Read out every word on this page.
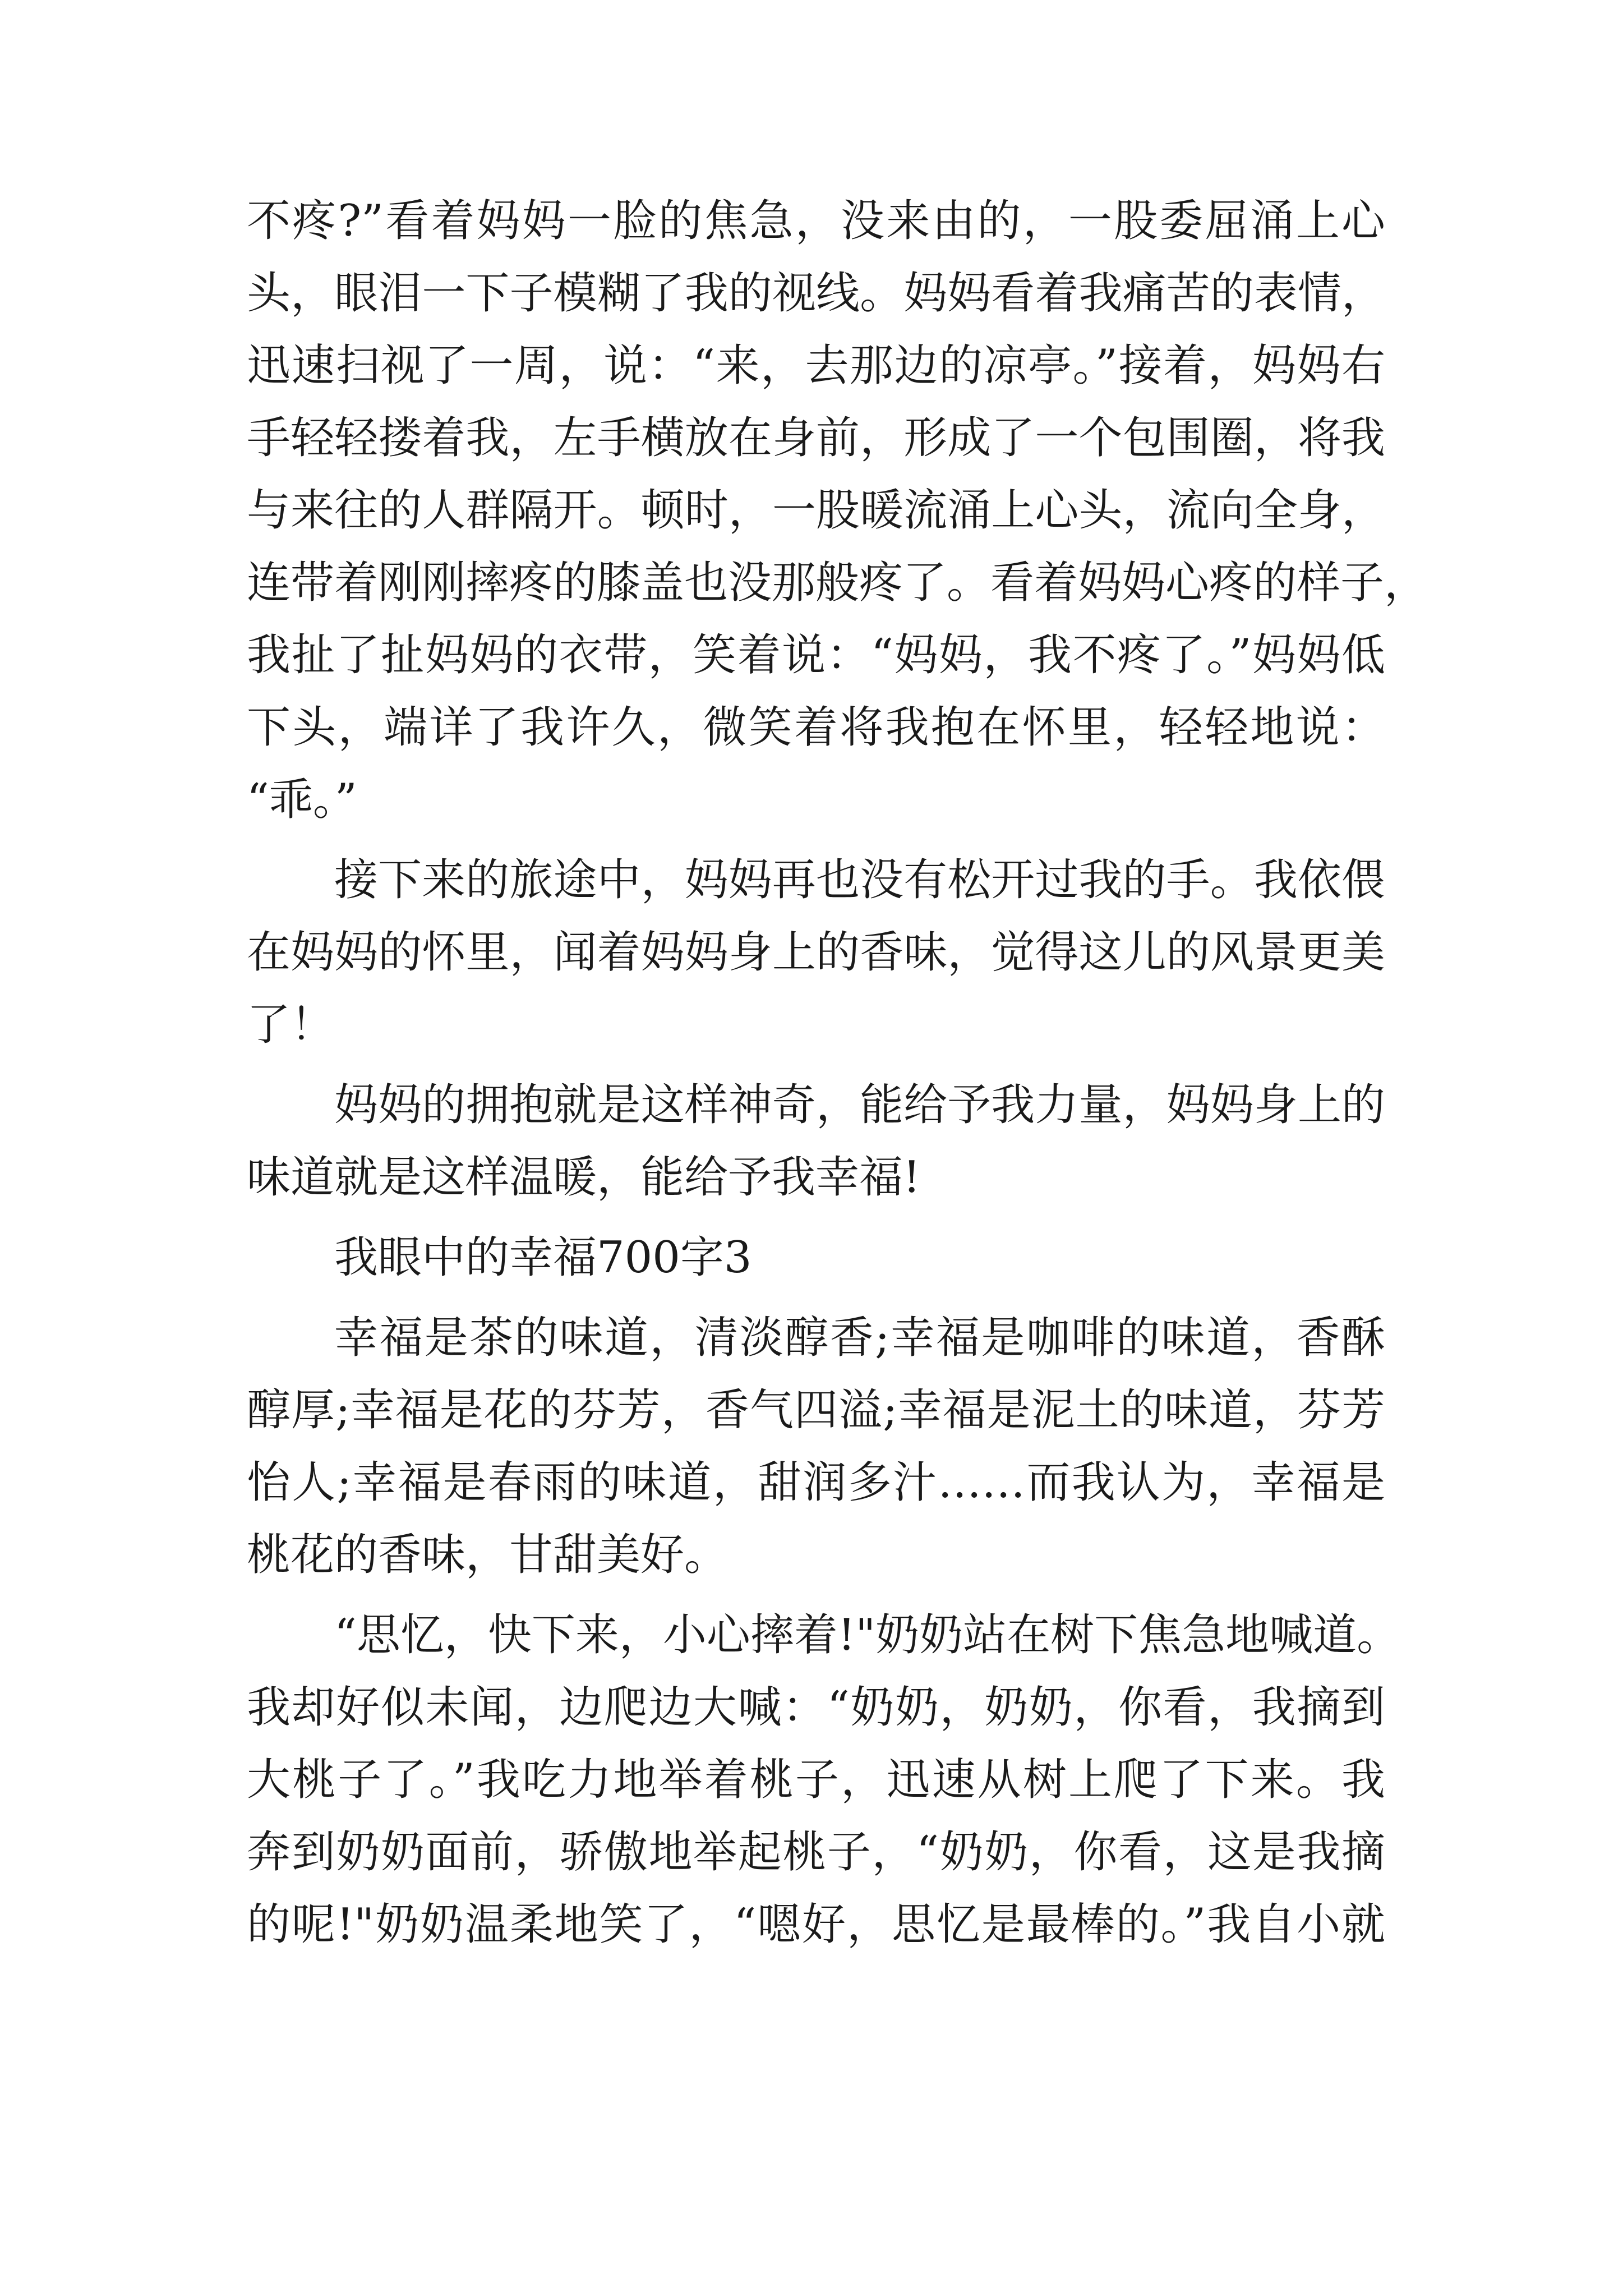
不疼?”看着妈妈一脸的焦急，没来由的，一股委屈涌上心
头，眼泪一下子模糊了我的视线。妈妈看着我痛苦的表情，
迅速扫视了一周，说：“来，去那边的凉亭。”接着，妈妈右
手轻轻搂着我，左手横放在身前，形成了一个包围圈，将我
与来往的人群隔开。顿时，一股暖流涌上心头，流向全身，
连带着刚刚摔疼的膝盖也没那般疼了。看着妈妈心疼的样子，
我扯了扯妈妈的衣带，笑着说：“妈妈，我不疼了。”妈妈低
下头，端详了我许久，微笑着将我抱在怀里，轻轻地说：
“乖。”
接下来的旅途中，妈妈再也没有松开过我的手。我依偎
在妈妈的怀里，闻着妈妈身上的香味，觉得这儿的风景更美
了！
妈妈的拥抱就是这样神奇，能给予我力量，妈妈身上的
味道就是这样温暖，能给予我幸福!
我眼中的幸福700字3
幸福是茶的味道，清淡醇香;幸福是咖啡的味道，香酥
醇厚;幸福是花的芬芳，香气四溢;幸福是泥土的味道，芬芳
怡人;幸福是春雨的味道，甜润多汁……而我认为，幸福是
桃花的香味，甘甜美好。
“思忆，快下来，小心摔着!"奶奶站在树下焦急地喊道。
我却好似未闻，边爬边大喊：“奶奶，奶奶，你看，我摘到
大桃子了。”我吃力地举着桃子，迅速从树上爬了下来。我
奔到奶奶面前，骄傲地举起桃子，“奶奶，你看，这是我摘
的呢!"奶奶温柔地笑了，“嗯好，思忆是最棒的。”我自小就
